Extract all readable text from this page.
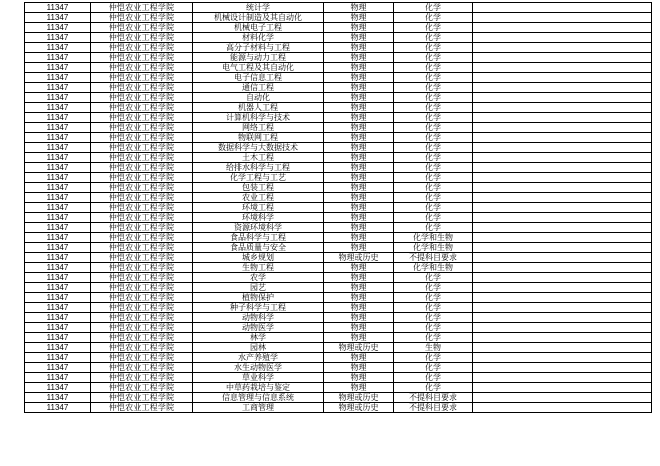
11347	仲恺农业工程学院	统计学	物理	化学	
11347	仲恺农业工程学院	机械设计制造及其自动化	物理	化学	
11347	仲恺农业工程学院	机械电子工程	物理	化学	
11347	仲恺农业工程学院	材料化学	物理	化学	
11347	仲恺农业工程学院	高分子材料与工程	物理	化学	
11347	仲恺农业工程学院	能源与动力工程	物理	化学	
11347	仲恺农业工程学院	电气工程及其自动化	物理	化学	
11347	仲恺农业工程学院	电子信息工程	物理	化学	
11347	仲恺农业工程学院	通信工程	物理	化学	
11347	仲恺农业工程学院	自动化	物理	化学	
11347	仲恺农业工程学院	机器人工程	物理	化学	
11347	仲恺农业工程学院	计算机科学与技术	物理	化学	
11347	仲恺农业工程学院	网络工程	物理	化学	
11347	仲恺农业工程学院	物联网工程	物理	化学	
11347	仲恺农业工程学院	数据科学与大数据技术	物理	化学	
11347	仲恺农业工程学院	土木工程	物理	化学	
11347	仲恺农业工程学院	给排水科学与工程	物理	化学	
11347	仲恺农业工程学院	化学工程与工艺	物理	化学	
11347	仲恺农业工程学院	包装工程	物理	化学	
11347	仲恺农业工程学院	农业工程	物理	化学	
11347	仲恺农业工程学院	环境工程	物理	化学	
11347	仲恺农业工程学院	环境科学	物理	化学	
11347	仲恺农业工程学院	资源环境科学	物理	化学	
11347	仲恺农业工程学院	食品科学与工程	物理	化学和生物	
11347	仲恺农业工程学院	食品质量与安全	物理	化学和生物	
11347	仲恺农业工程学院	城乡规划	物理或历史	不提科目要求	
11347	仲恺农业工程学院	生物工程	物理	化学和生物	
11347	仲恺农业工程学院	农学	物理	化学	
11347	仲恺农业工程学院	园艺	物理	化学	
11347	仲恺农业工程学院	植物保护	物理	化学	
11347	仲恺农业工程学院	种子科学与工程	物理	化学	
11347	仲恺农业工程学院	动物科学	物理	化学	
11347	仲恺农业工程学院	动物医学	物理	化学	
11347	仲恺农业工程学院	林学	物理	化学	
11347	仲恺农业工程学院	园林	物理或历史	生物	
11347	仲恺农业工程学院	水产养殖学	物理	化学	
11347	仲恺农业工程学院	水生动物医学	物理	化学	
11347	仲恺农业工程学院	草业科学	物理	化学	
11347	仲恺农业工程学院	中草药栽培与鉴定	物理	化学	
11347	仲恺农业工程学院	信息管理与信息系统	物理或历史	不提科目要求	
11347	仲恺农业工程学院	工商管理	物理或历史	不提科目要求	
